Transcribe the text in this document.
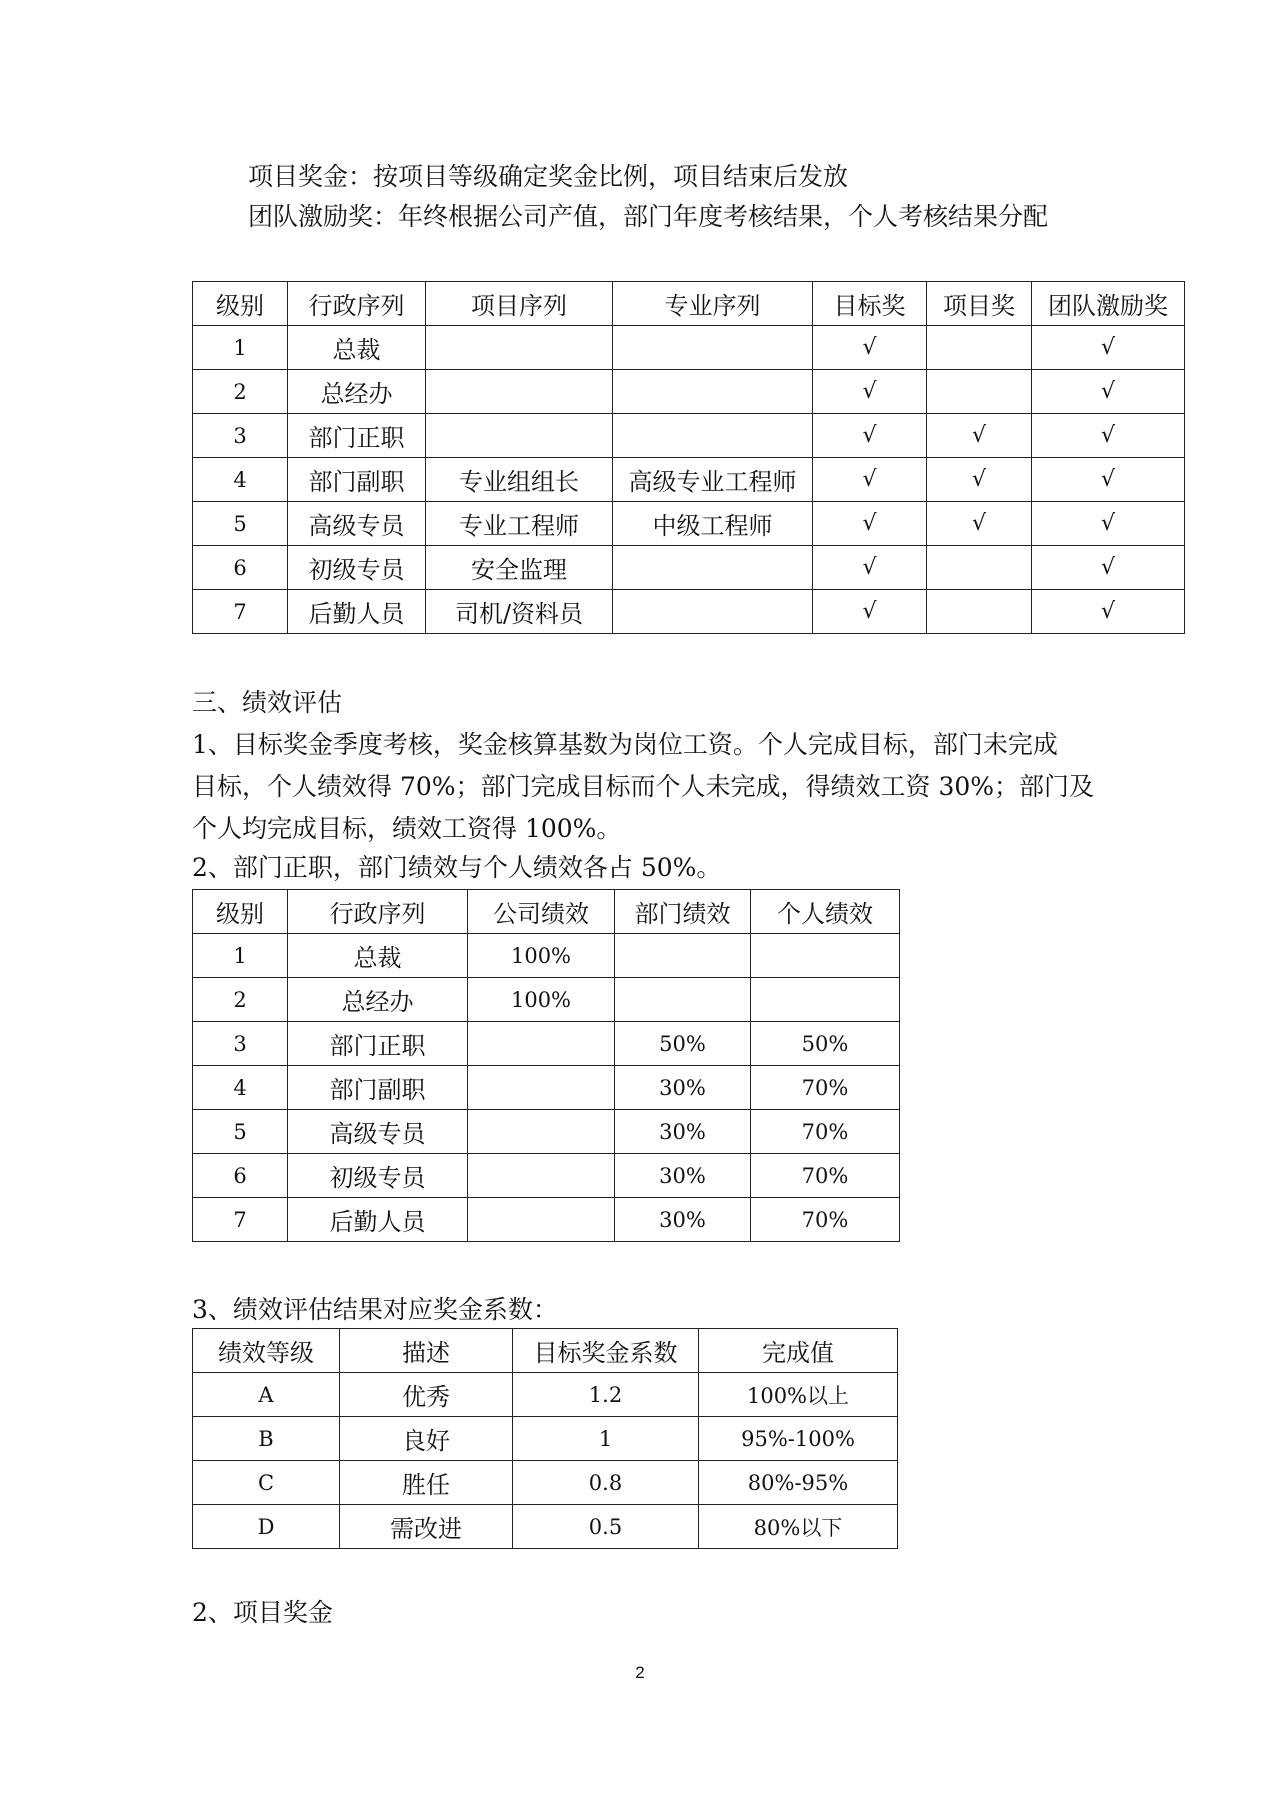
项目奖金：按项目等级确定奖金比例，项目结束后发放
团队激励奖：年终根据公司产值，部门年度考核结果，个人考核结果分配
级别	行政序列	项目序列	专业序列	目标奖	项目奖	团队激励奖
1	总裁			√		√
2	总经办			√		√
3	部门正职			√	√	√
4	部门副职	专业组组长	高级专业工程师	√	√	√
5	高级专员	专业工程师	中级工程师	√	√	√
6	初级专员	安全监理		√		√
7	后勤人员	司机/资料员		√		√
三、绩效评估
1、目标奖金季度考核，奖金核算基数为岗位工资。个人完成目标，部门未完成
目标，个人绩效得 70%；部门完成目标而个人未完成，得绩效工资 30%；部门及
个人均完成目标，绩效工资得 100%。
2、部门正职，部门绩效与个人绩效各占 50%。
级别	行政序列	公司绩效	部门绩效	个人绩效
1	总裁	100%		
2	总经办	100%		
3	部门正职		50%	50%
4	部门副职		30%	70%
5	高级专员		30%	70%
6	初级专员		30%	70%
7	后勤人员		30%	70%
3、绩效评估结果对应奖金系数：
绩效等级	描述	目标奖金系数	完成值
A	优秀	1.2	100%以上
B	良好	1	95%-100%
C	胜任	0.8	80%-95%
D	需改进	0.5	80%以下
2、项目奖金
2
